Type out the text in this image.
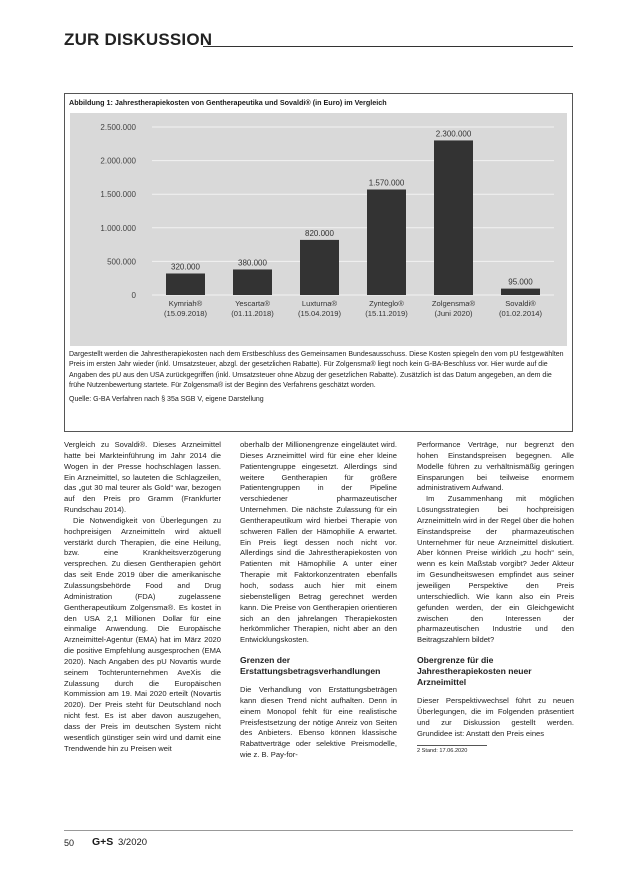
ZUR DISKUSSION
Abbildung 1: Jahrestherapiekosten von Gentherapeutika und Sovaldi® (in Euro) im Vergleich
0
500.000
1.000.000
1.500.000
2.000.000
2.500.000
320.000
Kymriah®
(15.09.2018)
380.000
Yescarta®
(01.11.2018)
820.000
Luxturna®
(15.04.2019)
1.570.000
Zynteglo®
(15.11.2019)
2.300.000
Zolgensma®
(Juni 2020)
95.000
Sovaldi®
(01.02.2014)
Dargestellt werden die Jahrestherapiekosten nach dem Erstbeschluss des Gemeinsamen Bundesausschuss. Diese Kosten spiegeln den vom pU festgewählten Preis im ersten Jahr wieder (inkl. Umsatzsteuer, abzgl. der gesetzlichen Rabatte). Für Zolgensma® liegt noch kein G-BA-Beschluss vor. Hier wurde auf die Angaben des pU aus den USA zurückgegriffen (inkl. Umsatzsteuer ohne Abzug der gesetzlichen Rabatte). Zusätzlich ist das Datum angegeben, an dem die frühe Nutzenbewertung startete. Für Zolgensma® ist der Beginn des Verfahrens geschätzt worden.
Quelle: G-BA Verfahren nach § 35a SGB V, eigene Darstellung

Vergleich zu Sovaldi®. Dieses Arzneimittel hatte bei Markteinführung im Jahr 2014 die Wogen in der Presse hochschlagen lassen. Ein Arzneimittel, so lauteten die Schlagzeilen, das „gut 30 mal teurer als Gold“ war, bezogen auf den Preis pro Gramm (Frankfurter Rundschau 2014).

Die Notwendigkeit von Überlegungen zu hochpreisigen Arzneimitteln wird aktuell verstärkt durch Therapien, die eine Heilung, bzw. eine Krankheitsverzögerung versprechen. Zu diesen Gentherapien gehört das seit Ende 2019 über die amerikanische Zulassungsbehörde Food and Drug Administration (FDA) zugelassene Gentherapeutikum Zolgensma®. Es kostet in den USA 2,1 Millionen Dollar für eine einmalige Anwendung. Die Europäische Arzneimittel-Agentur (EMA) hat im März 2020 die positive Empfehlung ausgesprochen (EMA 2020). Nach Angaben des pU Novartis wurde seinem Tochterunternehmen AveXis die Zulassung durch die Europäischen Kommission am 19. Mai 2020 erteilt (Novartis 2020). Der Preis steht für Deutschland noch nicht fest. Es ist aber davon auszugehen, dass der Preis im deutschen System nicht wesentlich günstiger sein wird und damit eine Trendwende hin zu Preisen weit

oberhalb der Millionengrenze eingeläutet wird. Dieses Arzneimittel wird für eine eher kleine Patientengruppe eingesetzt. Allerdings sind weitere Gentherapien für größere Patientengruppen in der Pipeline verschiedener pharmazeutischer Unternehmen. Die nächste Zulassung für ein Gentherapeutikum wird hierbei Therapie von schweren Fällen der Hämophilie A erwartet. Ein Preis liegt dessen noch nicht vor. Allerdings sind die Jahrestherapiekosten von Patienten mit Hämophilie A unter einer Therapie mit Faktorkonzentraten ebenfalls hoch, sodass auch hier mit einem siebenstelligen Betrag gerechnet werden kann. Die Preise von Gentherapien orientieren sich an den jahrelangen Therapiekosten herkömmlicher Therapien, nicht aber an den Entwicklungskosten.

Grenzen der Erstattungsbetragsverhandlungen

Die Verhandlung von Erstattungsbeträgen kann diesen Trend nicht aufhalten. Denn in einem Monopol fehlt für eine realistische Preisfestsetzung der nötige Anreiz von Seiten des Anbieters. Ebenso können klassische Rabattverträge oder selektive Preismodelle, wie z. B. Pay-for-

Performance Verträge, nur begrenzt den hohen Einstandspreisen begegnen. Alle Modelle führen zu verhältnismäßig geringen Einsparungen bei teilweise enormem administrativem Aufwand.

Im Zusammenhang mit möglichen Lösungsstrategien bei hochpreisigen Arzneimitteln wird in der Regel über die hohen Einstandspreise der pharmazeutischen Unternehmer für neue Arzneimittel diskutiert. Aber können Preise wirklich „zu hoch“ sein, wenn es kein Maßstab vorgibt? Jeder Akteur im Gesundheitswesen empfindet aus seiner jeweiligen Perspektive den Preis unterschiedlich. Wie kann also ein Preis gefunden werden, der ein Gleichgewicht zwischen den Interessen der pharmazeutischen Industrie und den Beitragszahlern bildet?

Obergrenze für die Jahrestherapiekosten neuer Arzneimittel

Dieser Perspektivwechsel führt zu neuen Überlegungen, die im Folgenden präsentiert und zur Diskussion gestellt werden. Grundidee ist: Anstatt den Preis eines

2 Stand: 17.06.2020
50 G+S 3/2020
